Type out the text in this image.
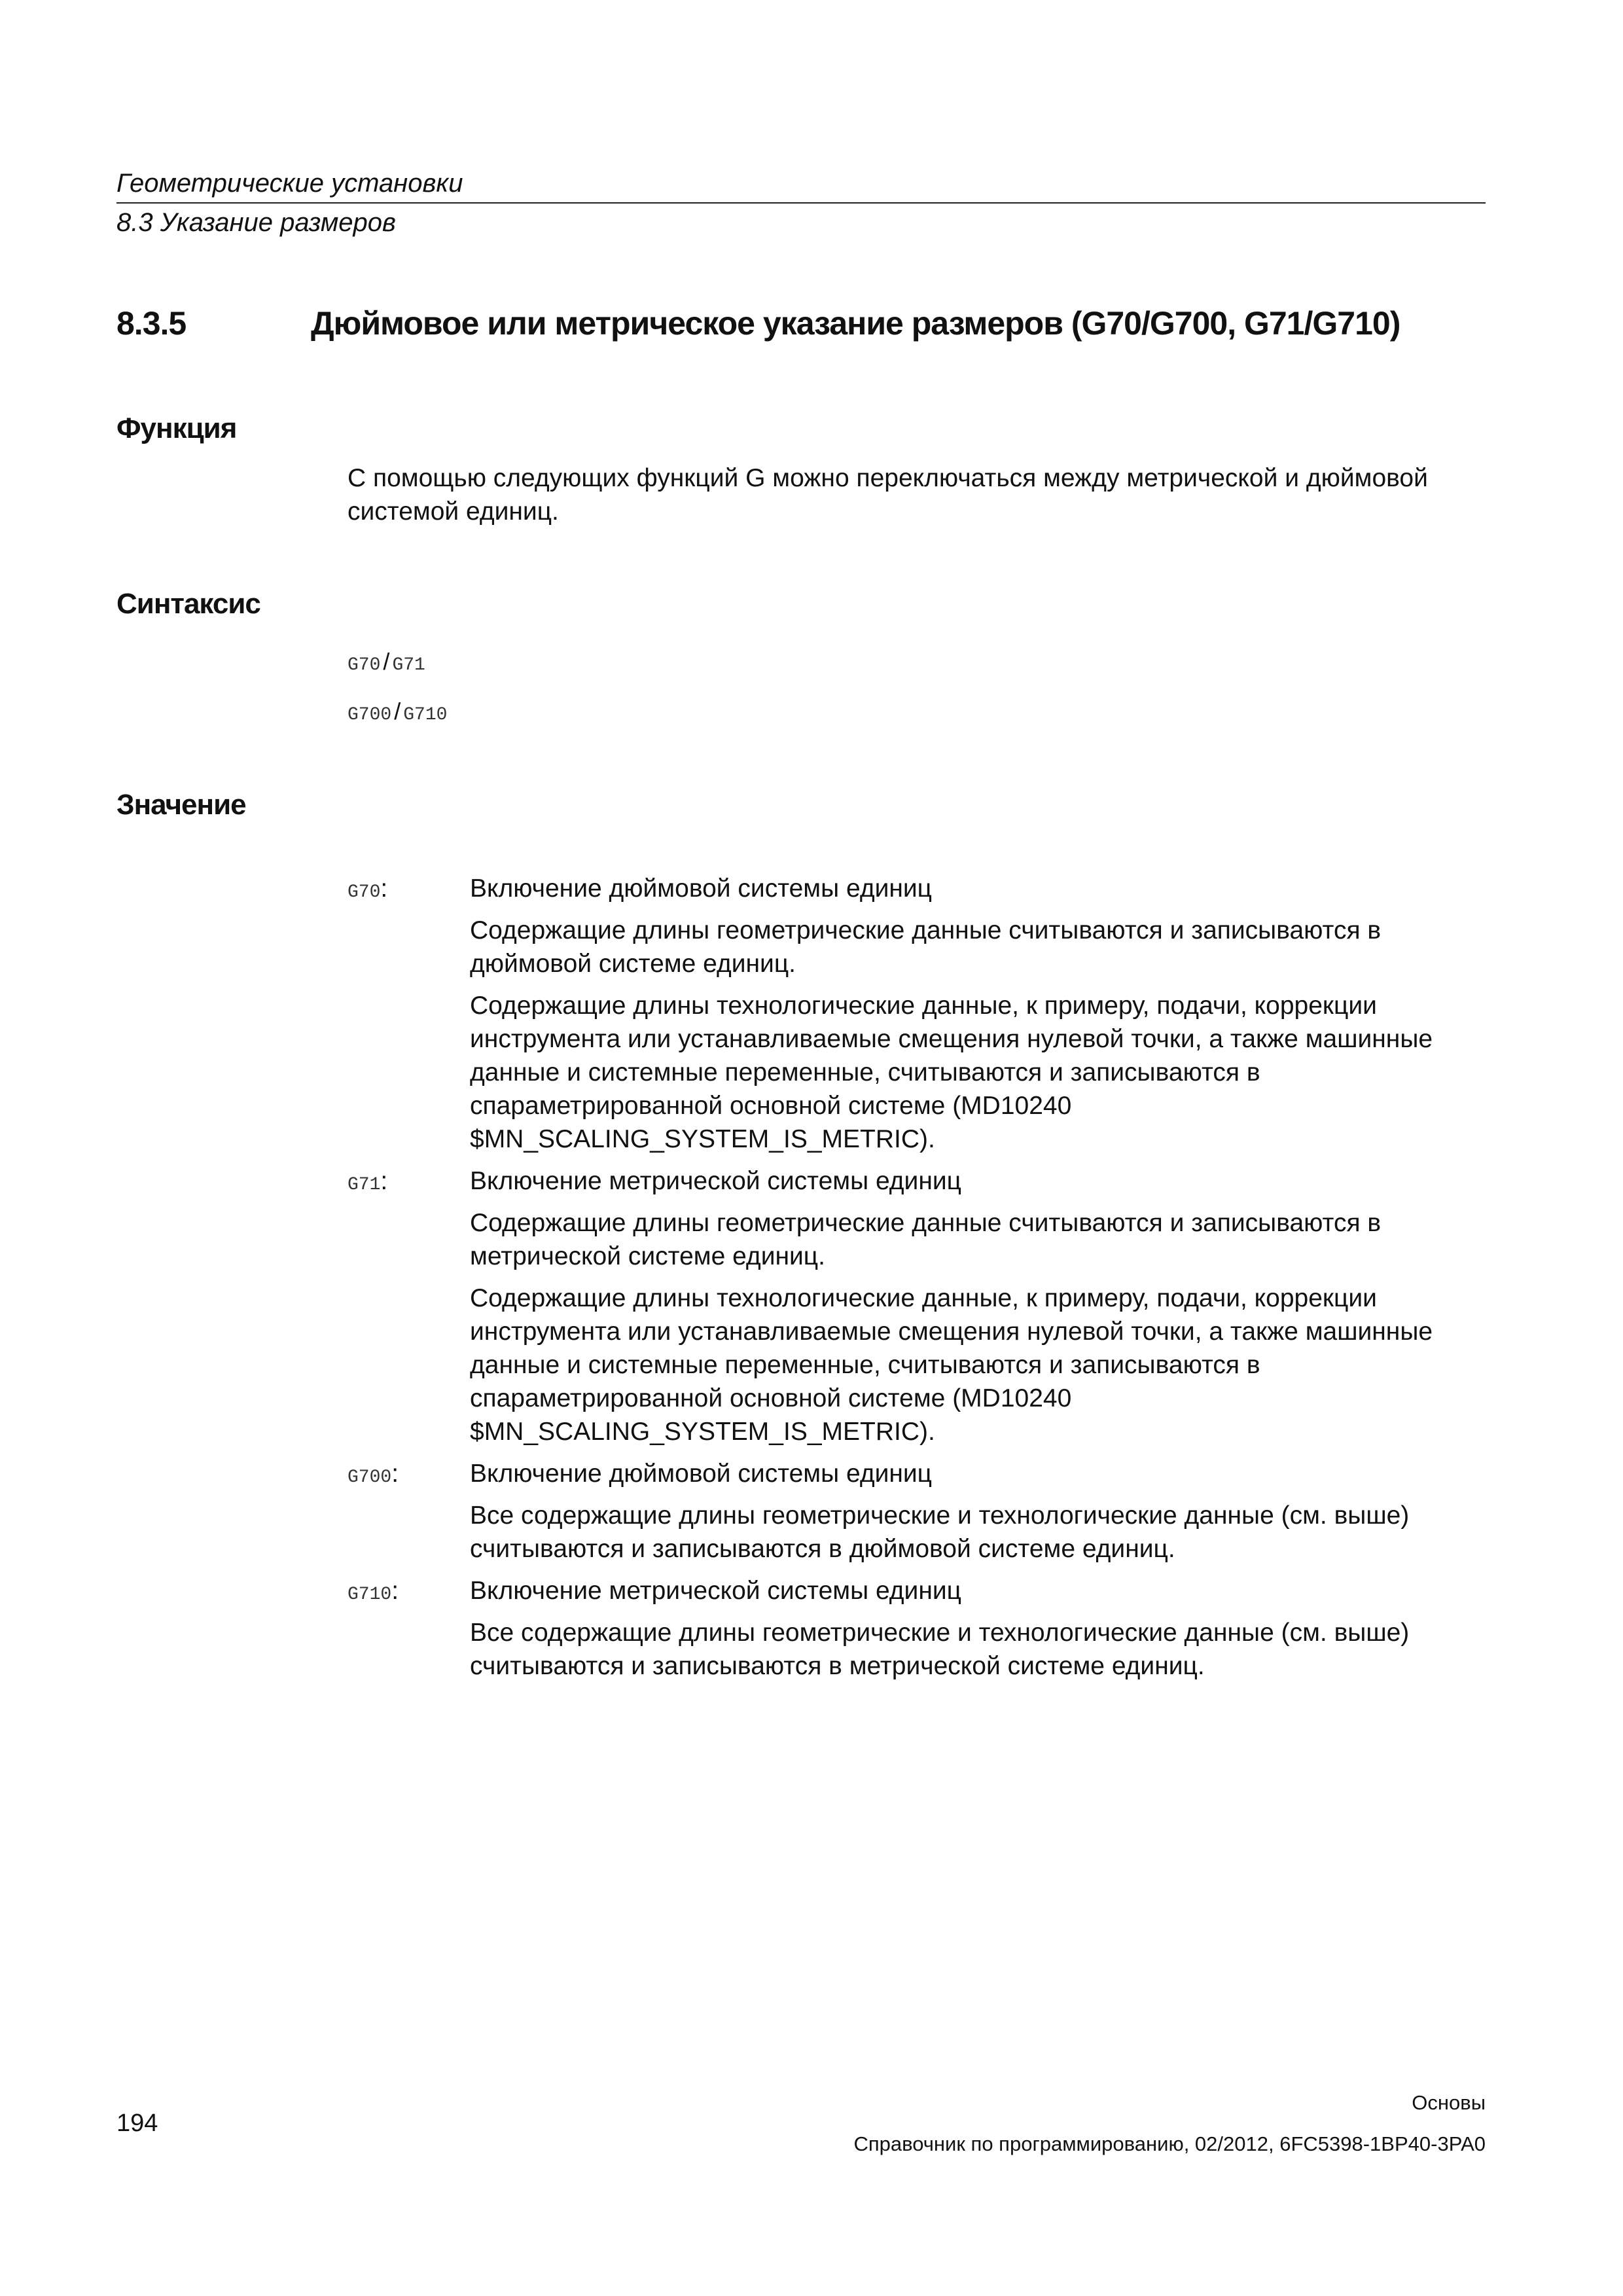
Геометрические установки
8.3 Указание размеров
8.3.5	Дюймовое или метрическое указание размеров (G70/G700, G71/G710)
Функция
С помощью следующих функций G можно переключаться между метрической и дюймовой системой единиц.
Синтаксис
G70 / G71
G700 / G710
Значение
G70:	Включение дюймовой системы единиц

Содержащие длины геометрические данные считываются и записываются в дюймовой системе единиц.

Содержащие длины технологические данные, к примеру, подачи, коррекции инструмента или устанавливаемые смещения нулевой точки, а также машинные данные и системные переменные, считываются и записываются в спараметрированной основной системе (MD10240 $MN_SCALING_SYSTEM_IS_METRIC).

G71:	Включение метрической системы единиц

Содержащие длины геометрические данные считываются и записываются в метрической системе единиц.

Содержащие длины технологические данные, к примеру, подачи, коррекции инструмента или устанавливаемые смещения нулевой точки, а также машинные данные и системные переменные, считываются и записываются в спараметрированной основной системе (MD10240 $MN_SCALING_SYSTEM_IS_METRIC).

G700:	Включение дюймовой системы единиц

Все содержащие длины геометрические и технологические данные (см. выше) считываются и записываются в дюймовой системе единиц.

G710:	Включение метрической системы единиц

Все содержащие длины геометрические и технологические данные (см. выше) считываются и записываются в метрической системе единиц.

Основы
194
Справочник по программированию, 02/2012, 6FC5398-1BP40-3PA0
